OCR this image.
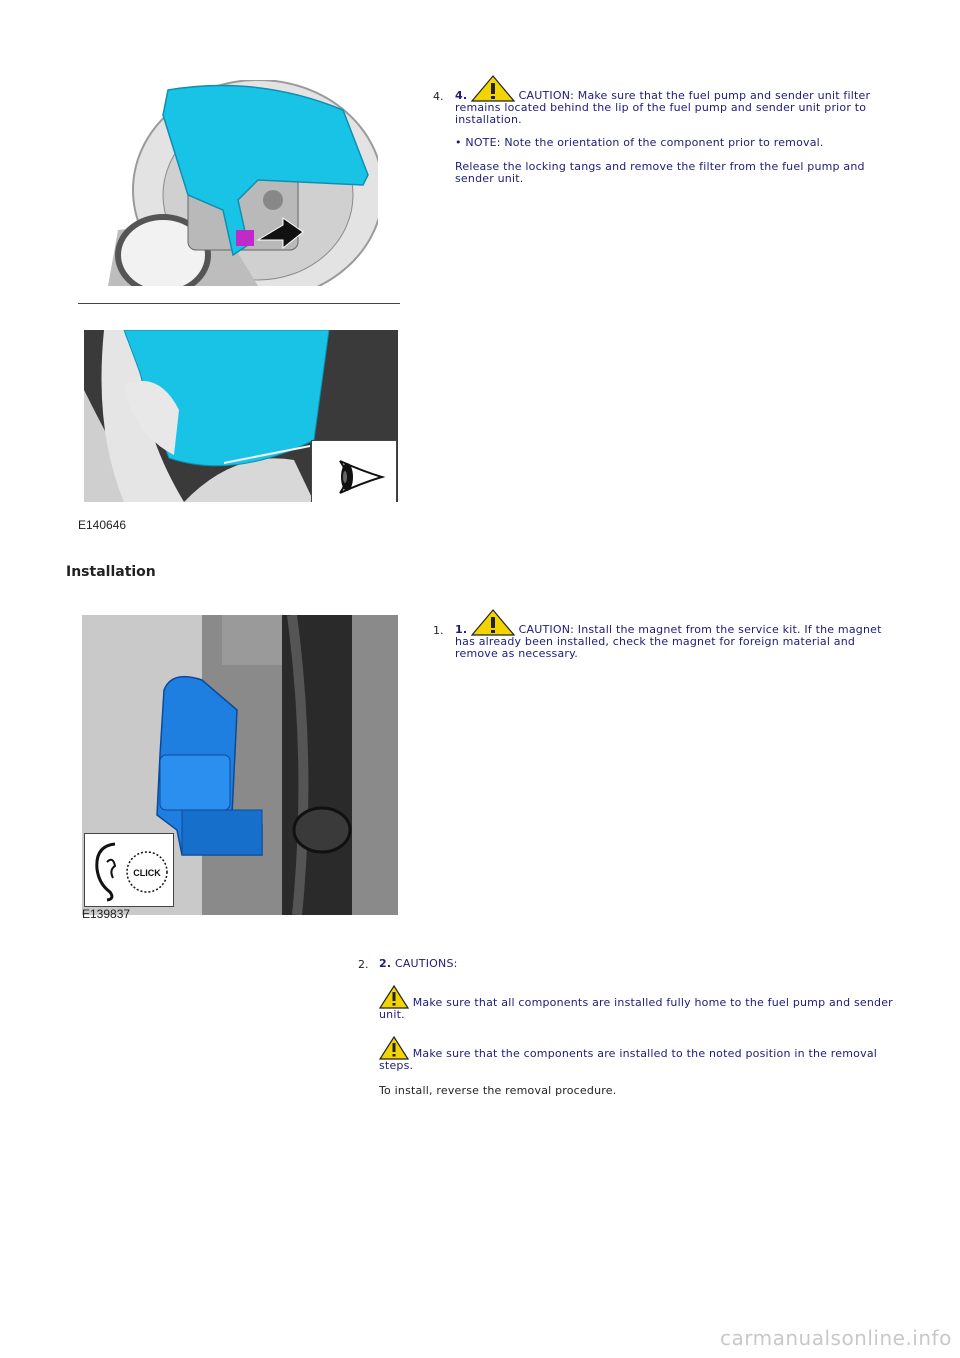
4. 4.	CAUTION: Make sure that the fuel pump and sender unit filter remains located behind the lip of the fuel pump and sender unit prior to installation.
• NOTE: Note the orientation of the component prior to removal.
Release the locking tangs and remove the filter from the fuel pump and sender unit.
E140646
Installation
CLICK
E139837
1. 1.	CAUTION: Install the magnet from the service kit. If the magnet has already been installed, check the magnet for foreign material and remove as necessary.
2. 2. CAUTIONS:
Make sure that all components are installed fully home to the fuel pump and sender unit.
Make sure that the components are installed to the noted position in the removal steps.
To install, reverse the removal procedure.
carmanualsonline.info
